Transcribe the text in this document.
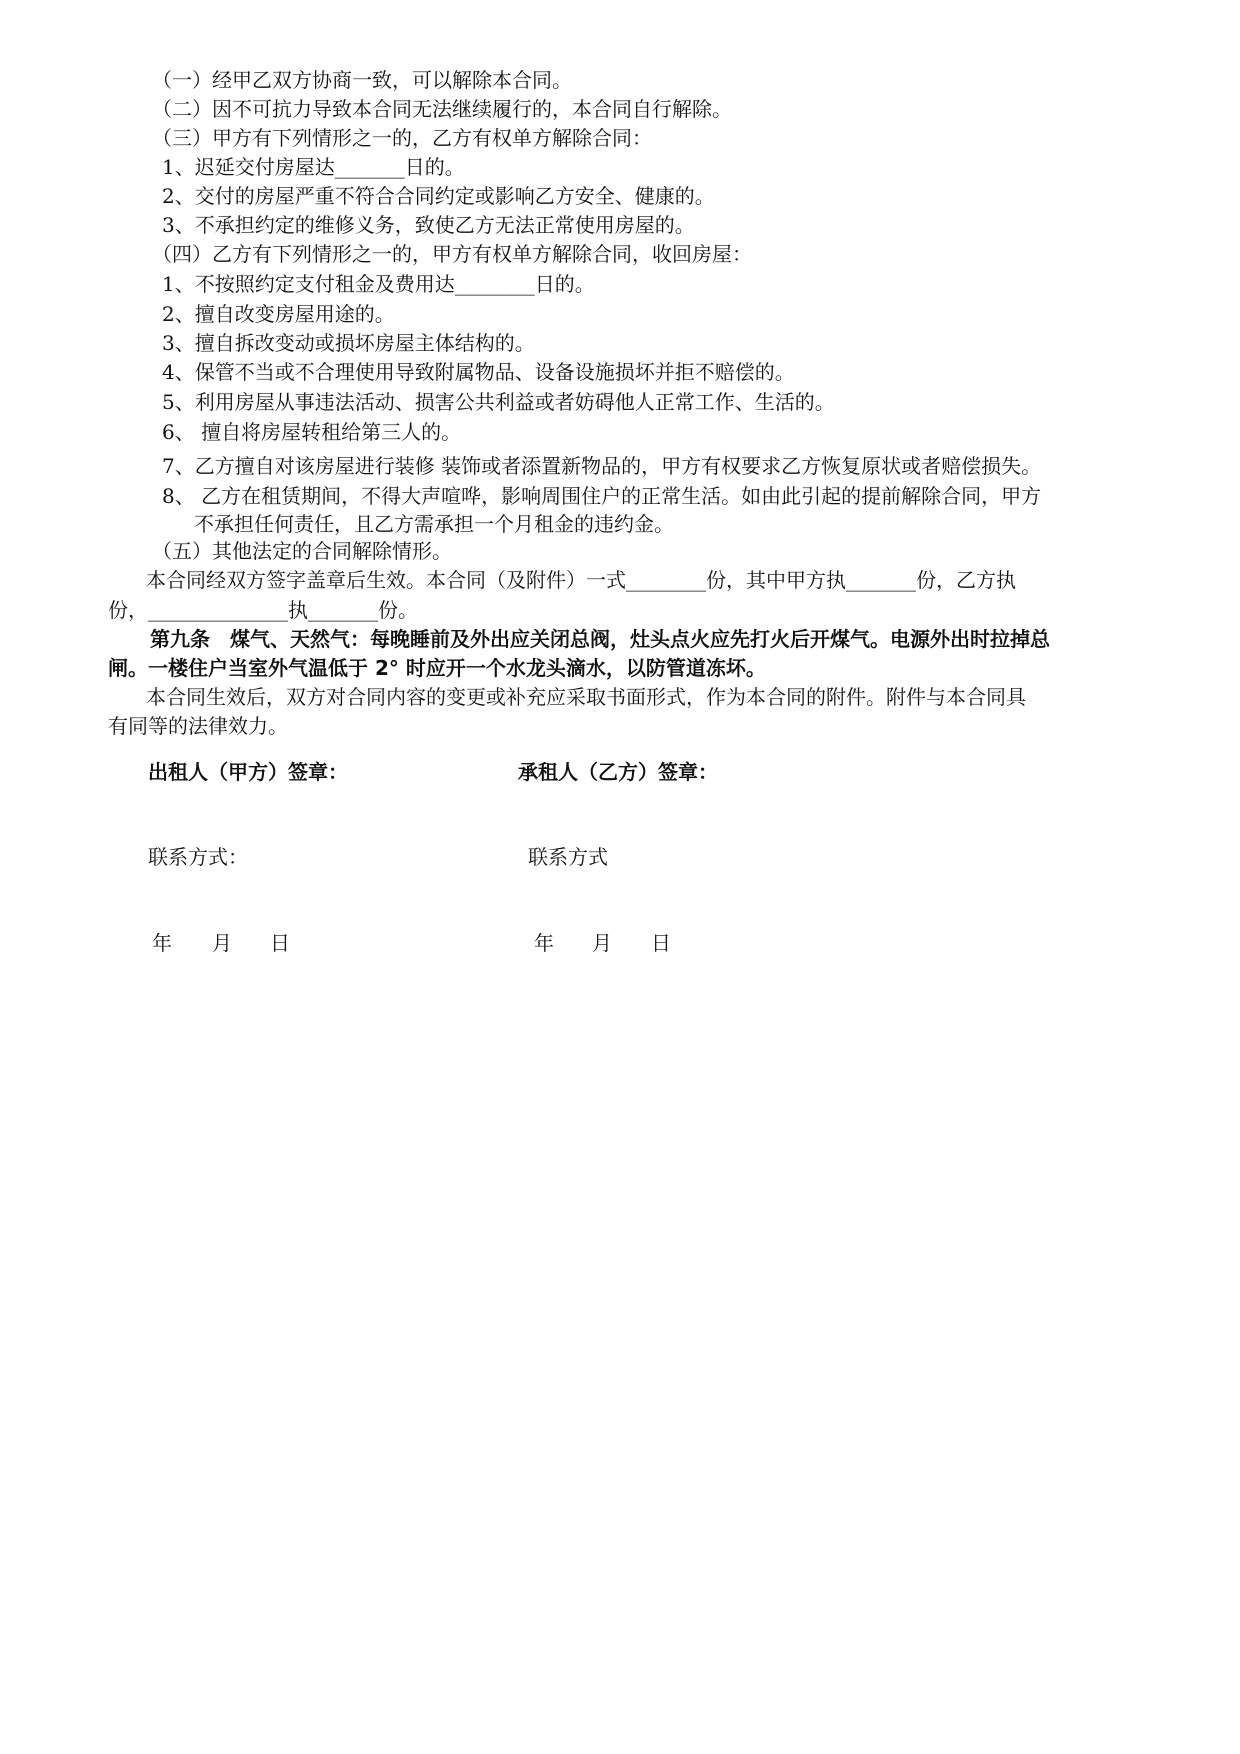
（一）经甲乙双方协商一致，可以解除本合同。
（二）因不可抗力导致本合同无法继续履行的，本合同自行解除。
（三）甲方有下列情形之一的，乙方有权单方解除合同：
1、迟延交付房屋达_______日的。
2、交付的房屋严重不符合合同约定或影响乙方安全、健康的。
3、不承担约定的维修义务，致使乙方无法正常使用房屋的。
（四）乙方有下列情形之一的，甲方有权单方解除合同，收回房屋：
1、不按照约定支付租金及费用达________日的。
2、擅自改变房屋用途的。
3、擅自拆改变动或损坏房屋主体结构的。
4、保管不当或不合理使用导致附属物品、设备设施损坏并拒不赔偿的。
5、利用房屋从事违法活动、损害公共利益或者妨碍他人正常工作、生活的。
6、 擅自将房屋转租给第三人的。
7、乙方擅自对该房屋进行装修 装饰或者添置新物品的，甲方有权要求乙方恢复原状或者赔偿损失。
8、 乙方在租赁期间，不得大声喧哗，影响周围住户的正常生活。如由此引起的提前解除合同，甲方
不承担任何责任，且乙方需承担一个月租金的违约金。
（五）其他法定的合同解除情形。
本合同经双方签字盖章后生效。本合同（及附件）一式________份，其中甲方执_______份，乙方执
份，______________执_______份。
第九条　煤气、天然气：每晚睡前及外出应关闭总阀，灶头点火应先打火后开煤气。电源外出时拉掉总
闸。一楼住户当室外气温低于 2° 时应开一个水龙头滴水，以防管道冻坏。
本合同生效后，双方对合同内容的变更或补充应采取书面形式，作为本合同的附件。附件与本合同具
有同等的法律效力。
出租人（甲方）签章：	承租人（乙方）签章：
联系方式：	联系方式
年 月 日	年 月 日
